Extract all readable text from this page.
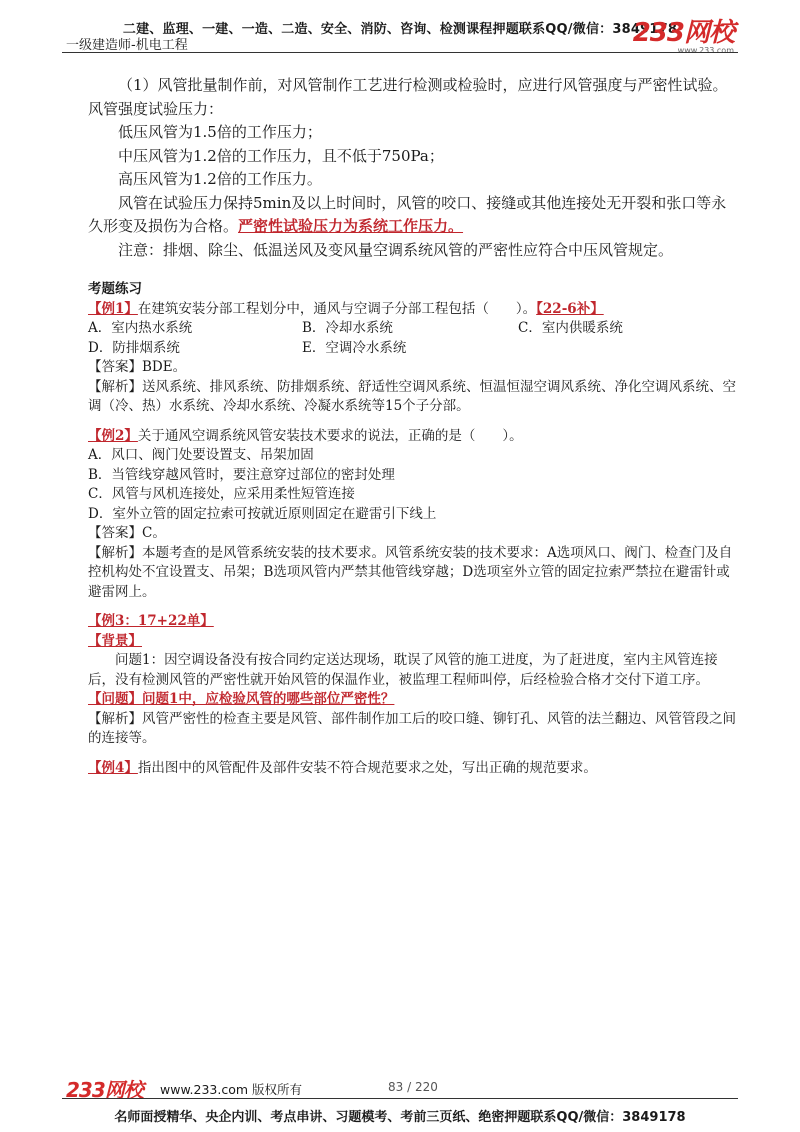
二建、监理、一建、一造、二造、安全、消防、咨询、检测课程押题联系QQ/微信：3849178
一级建造师-机电工程	233网校
www.233.com
（1）风管批量制作前，对风管制作工艺进行检测或检验时，应进行风管强度与严密性试验。风管强度试验压力：
低压风管为1.5倍的工作压力；
中压风管为1.2倍的工作压力，且不低于750Pa；
高压风管为1.2倍的工作压力。
风管在试验压力保持5min及以上时间时，风管的咬口、接缝或其他连接处无开裂和张口等永久形变及损伤为合格。严密性试验压力为系统工作压力。
注意：排烟、除尘、低温送风及变风量空调系统风管的严密性应符合中压风管规定。
考题练习
【例1】在建筑安装分部工程划分中，通风与空调子分部工程包括（　　）。【22-6补】
A．室内热水系统	B．冷却水系统	C．室内供暖系统
D．防排烟系统	E．空调冷水系统
【答案】BDE。
【解析】送风系统、排风系统、防排烟系统、舒适性空调风系统、恒温恒湿空调风系统、净化空调风系统、空调（冷、热）水系统、冷却水系统、冷凝水系统等15个子分部。
【例2】关于通风空调系统风管安装技术要求的说法，正确的是（　　）。
A．风口、阀门处要设置支、吊架加固
B．当管线穿越风管时，要注意穿过部位的密封处理
C．风管与风机连接处，应采用柔性短管连接
D．室外立管的固定拉索可按就近原则固定在避雷引下线上
【答案】C。
【解析】本题考查的是风管系统安装的技术要求。风管系统安装的技术要求：A选项风口、阀门、检查门及自控机构处不宜设置支、吊架；B选项风管内严禁其他管线穿越；D选项室外立管的固定拉索严禁拉在避雷针或避雷网上。
【例3：17+22单】
【背景】
问题1：因空调设备没有按合同约定送达现场，耽误了风管的施工进度，为了赶进度，室内主风管连接后，没有检测风管的严密性就开始风管的保温作业，被监理工程师叫停，后经检验合格才交付下道工序。
【问题】问题1中，应检验风管的哪些部位严密性？
【解析】风管严密性的检查主要是风管、部件制作加工后的咬口缝、铆钉孔、风管的法兰翻边、风管管段之间的连接等。
【例4】指出图中的风管配件及部件安装不符合规范要求之处，写出正确的规范要求。
233网校 www.233.com 版权所有	83 / 220
名师面授精华、央企内训、考点串讲、习题模考、考前三页纸、绝密押题联系QQ/微信：3849178
